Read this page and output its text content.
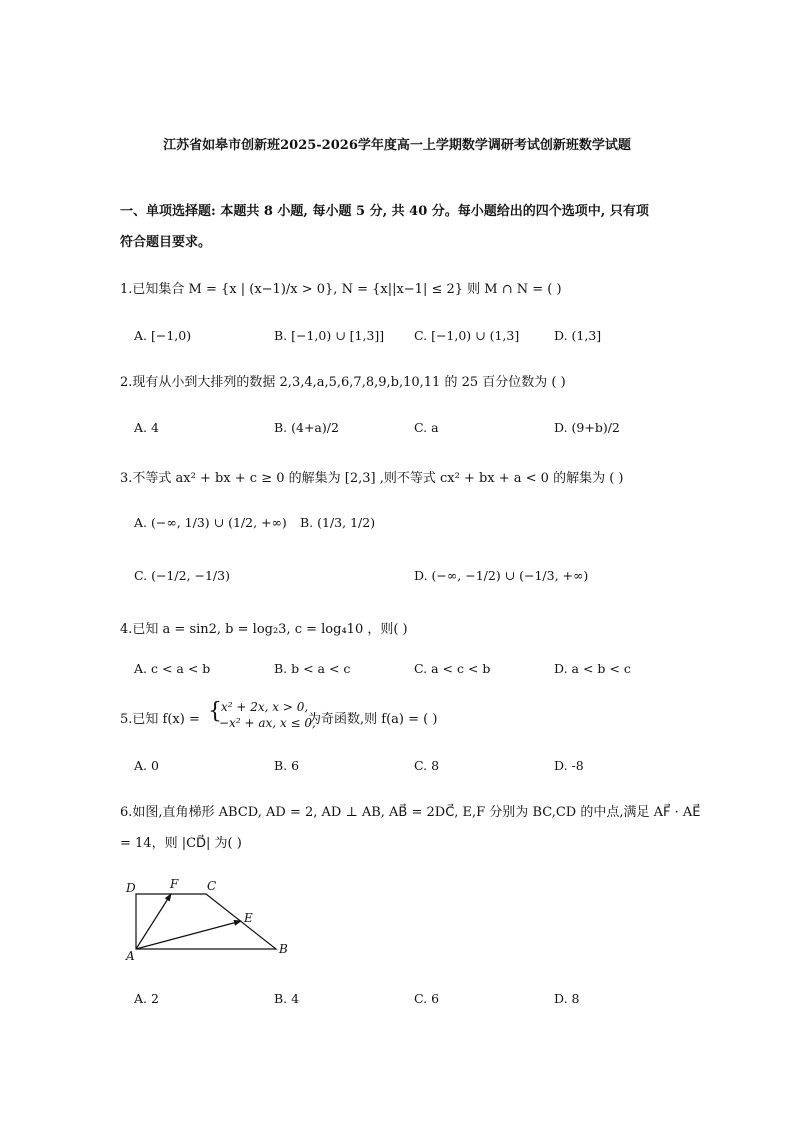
江苏省如皋市创新班2025-2026学年度高一上学期数学调研考试创新班数学试题
一、单项选择题: 本题共 8 小题, 每小题 5 分, 共 40 分。每小题给出的四个选项中, 只有项
符合题目要求。
1.已知集合 M = {x | (x−1)/x > 0}, N = {x||x−1| ≤ 2} 则 M ∩ N = ( )
A. [−1,0)	B. [−1,0) ∪ [1,3]] C. [−1,0) ∪ (1,3]	D. (1,3]
2.现有从小到大排列的数据 2,3,4,a,5,6,7,8,9,b,10,11 的 25 百分位数为 ( )
A. 4	B. (4+a)/2	C. a	D. (9+b)/2
3.不等式 ax² + bx + c ≥ 0 的解集为 [2,3] ,则不等式 cx² + bx + a < 0 的解集为 ( )
A. (−∞, 1/3) ∪ (1/2, +∞) B. (1/3, 1/2)
C. (−1/2, −1/3)	D. (−∞, −1/2) ∪ (−1/3, +∞)
4.已知 a = sin2, b = log₂3, c = log₄10 ，则( )
A. c < a < b	B. b < a < c	C. a < c < b	D. a < b < c
5.已知 f(x) = { x² + 2x, x > 0,
−x² + ax, x ≤ 0,
为奇函数,则 f(a) = ( )
A. 0	B. 6	C. 8	D. -8
6.如图,直角梯形 ABCD, AD = 2, AD ⊥ AB, AB⃗ = 2DC⃗, E,F 分别为 BC,CD 的中点,满足 AF⃗ · AE⃗
= 14，则 |CD⃗| 为( )
D	F C
E
B
A
A. 2	B. 4	C. 6	D. 8
